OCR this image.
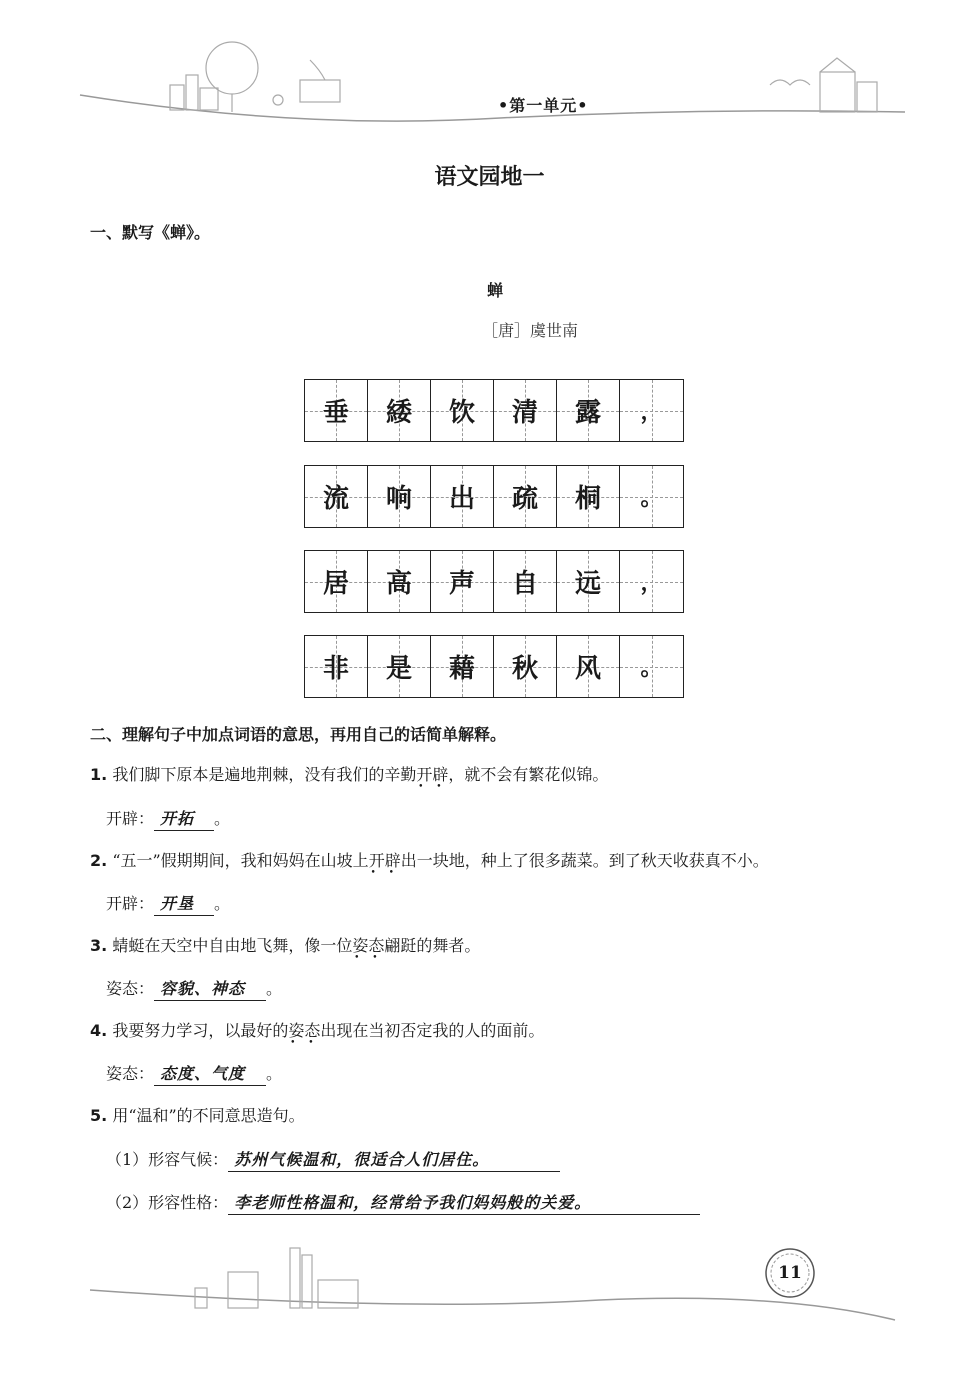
•第一单元•
语文园地一
一、默写《蝉》。
蝉
［唐］虞世南
垂 緌 饮 清 露 ，
流 响 出 疏 桐 。
居 高 声 自 远 ，
非 是 藉 秋 风 。
二、理解句子中加点词语的意思，再用自己的话简单解释。
1. 我们脚下原本是遍地荆棘，没有我们的辛勤开辟 • •，就不会有繁花似锦。
开辟： 开拓 。
2. “五一”假期期间，我和妈妈在山坡上开辟 • •出一块地，种上了很多蔬菜。到了秋天收获真不小。
开辟： 开垦 。
3. 蜻蜓在天空中自由地飞舞，像一位姿态 • •翩跹的舞者。
姿态： 容貌、神态 。
4. 我要努力学习，以最好的姿态 • •出现在当初否定我的人的面前。
姿态： 态度、气度 。
5. 用“温和”的不同意思造句。
（1）形容气候： 苏州气候温和，很适合人们居住。
（2）形容性格： 李老师性格温和，经常给予我们妈妈般的关爱。
11
